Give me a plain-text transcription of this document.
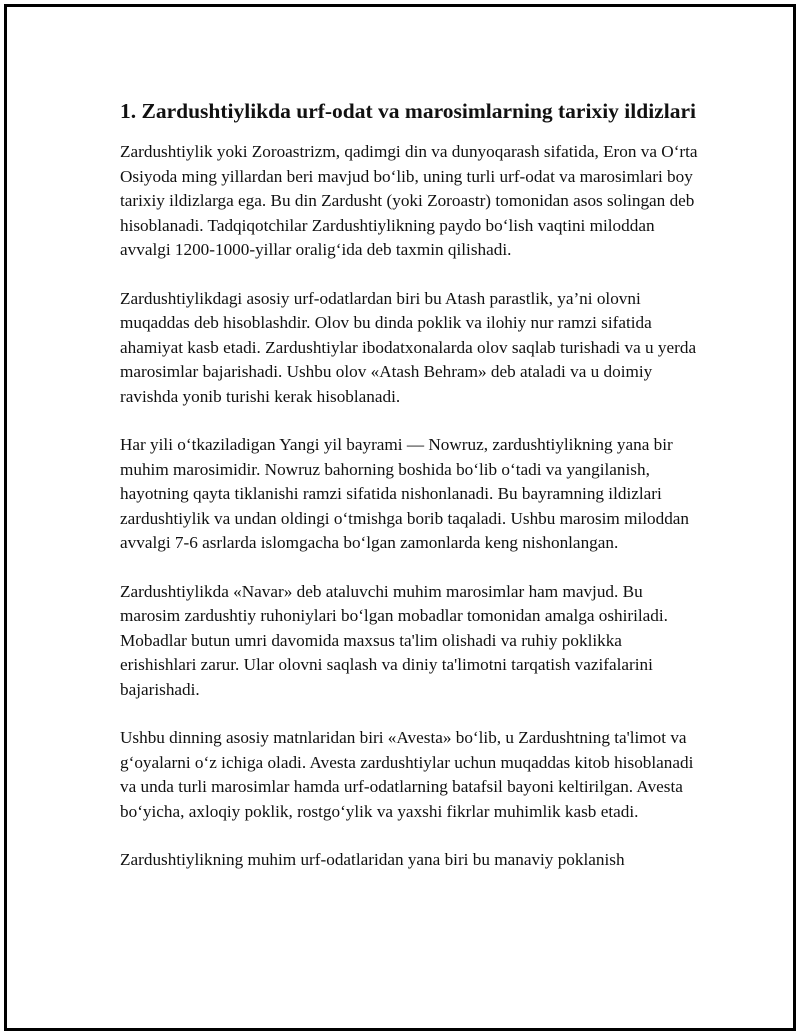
1. Zardushtiylikda urf-odat va marosimlarning tarixiy ildizlari

Zardushtiylik yoki Zoroastrizm, qadimgi din va dunyoqarash sifatida, Eron va O‘rta Osiyoda ming yillardan beri mavjud bo‘lib, uning turli urf-odat va marosimlari boy tarixiy ildizlarga ega. Bu din Zardusht (yoki Zoroastr) tomonidan asos solingan deb hisoblanadi. Tadqiqotchilar Zardushtiylikning paydo bo‘lish vaqtini miloddan avvalgi 1200-1000-yillar oralig‘ida deb taxmin qilishadi.

Zardushtiylikdagi asosiy urf-odatlardan biri bu Atash parastlik, ya’ni olovni muqaddas deb hisoblashdir. Olov bu dinda poklik va ilohiy nur ramzi sifatida ahamiyat kasb etadi. Zardushtiylar ibodatxonalarda olov saqlab turishadi va u yerda marosimlar bajarishadi. Ushbu olov «Atash Behram» deb ataladi va u doimiy ravishda yonib turishi kerak hisoblanadi.

Har yili o‘tkaziladigan Yangi yil bayrami — Nowruz, zardushtiylikning yana bir muhim marosimidir. Nowruz bahorning boshida bo‘lib o‘tadi va yangilanish, hayotning qayta tiklanishi ramzi sifatida nishonlanadi. Bu bayramning ildizlari zardushtiylik va undan oldingi o‘tmishga borib taqaladi. Ushbu marosim miloddan avvalgi 7-6 asrlarda islomgacha bo‘lgan zamonlarda keng nishonlangan.

Zardushtiylikda «Navar» deb ataluvchi muhim marosimlar ham mavjud. Bu marosim zardushtiy ruhoniylari bo‘lgan mobadlar tomonidan amalga oshiriladi. Mobadlar butun umri davomida maxsus ta'lim olishadi va ruhiy poklikka erishishlari zarur. Ular olovni saqlash va diniy ta'limotni tarqatish vazifalarini bajarishadi.

Ushbu dinning asosiy matnlaridan biri «Avesta» bo‘lib, u Zardushtning ta'limot va g‘oyalarni o‘z ichiga oladi. Avesta zardushtiylar uchun muqaddas kitob hisoblanadi va unda turli marosimlar hamda urf-odatlarning batafsil bayoni keltirilgan. Avesta bo‘yicha, axloqiy poklik, rostgo‘ylik va yaxshi fikrlar muhimlik kasb etadi.

Zardushtiylikning muhim urf-odatlaridan yana biri bu manaviy poklanish
